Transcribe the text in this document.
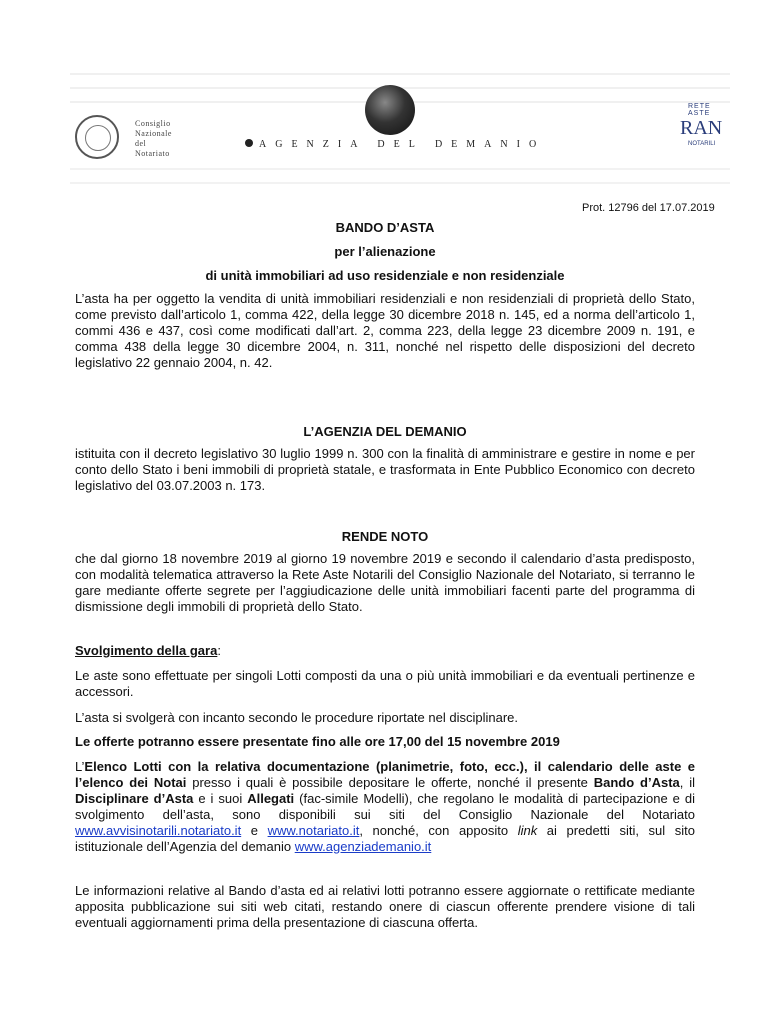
Consiglio
Nazionale
del
Notariato
AGENZIA DEL DEMANIO
RETE ASTE
RAN
NOTARILI
Prot. 12796 del 17.07.2019
BANDO D’ASTA
per l’alienazione
di unità immobiliari ad uso residenziale e non residenziale
L’asta ha per oggetto la vendita di unità immobiliari residenziali e non residenziali di proprietà dello Stato, come previsto dall’articolo 1, comma 422, della legge 30 dicembre 2018 n. 145, ed a norma dell’articolo 1, commi 436 e 437, così come modificati dall’art. 2, comma 223, della legge 23 dicembre 2009 n. 191, e comma 438 della legge 30 dicembre 2004, n. 311, nonché nel rispetto delle disposizioni del decreto legislativo 22 gennaio 2004, n. 42.
L’AGENZIA DEL DEMANIO
istituita con il decreto legislativo 30 luglio 1999 n. 300 con la finalità di amministrare e gestire in nome e per conto dello Stato i beni immobili di proprietà statale, e trasformata in Ente Pubblico Economico con decreto legislativo del 03.07.2003 n. 173.
RENDE NOTO
che dal giorno 18 novembre 2019 al giorno 19 novembre 2019 e secondo il calendario d’asta predisposto, con modalità telematica attraverso la Rete Aste Notarili del Consiglio Nazionale del Notariato, si terranno le gare mediante offerte segrete per l’aggiudicazione delle unità immobiliari facenti parte del programma di dismissione degli immobili di proprietà dello Stato.
Svolgimento della gara:
Le aste sono effettuate per singoli Lotti composti da una o più unità immobiliari e da eventuali pertinenze e accessori.
L’asta si svolgerà con incanto secondo le procedure riportate nel disciplinare.
Le offerte potranno essere presentate fino alle ore 17,00 del 15 novembre 2019
L’Elenco Lotti con la relativa documentazione (planimetrie, foto, ecc.), il calendario delle aste e l’elenco dei Notai presso i quali è possibile depositare le offerte, nonché il presente Bando d’Asta, il Disciplinare d’Asta e i suoi Allegati (fac-simile Modelli), che regolano le modalità di partecipazione e di svolgimento dell’asta, sono disponibili sui siti del Consiglio Nazionale del Notariato www.avvisinotarili.notariato.it e www.notariato.it, nonché, con apposito link ai predetti siti, sul sito istituzionale dell’Agenzia del demanio www.agenziademanio.it
Le informazioni relative al Bando d’asta ed ai relativi lotti potranno essere aggiornate o rettificate mediante apposita pubblicazione sui siti web citati, restando onere di ciascun offerente prendere visione di tali eventuali aggiornamenti prima della presentazione di ciascuna offerta.
